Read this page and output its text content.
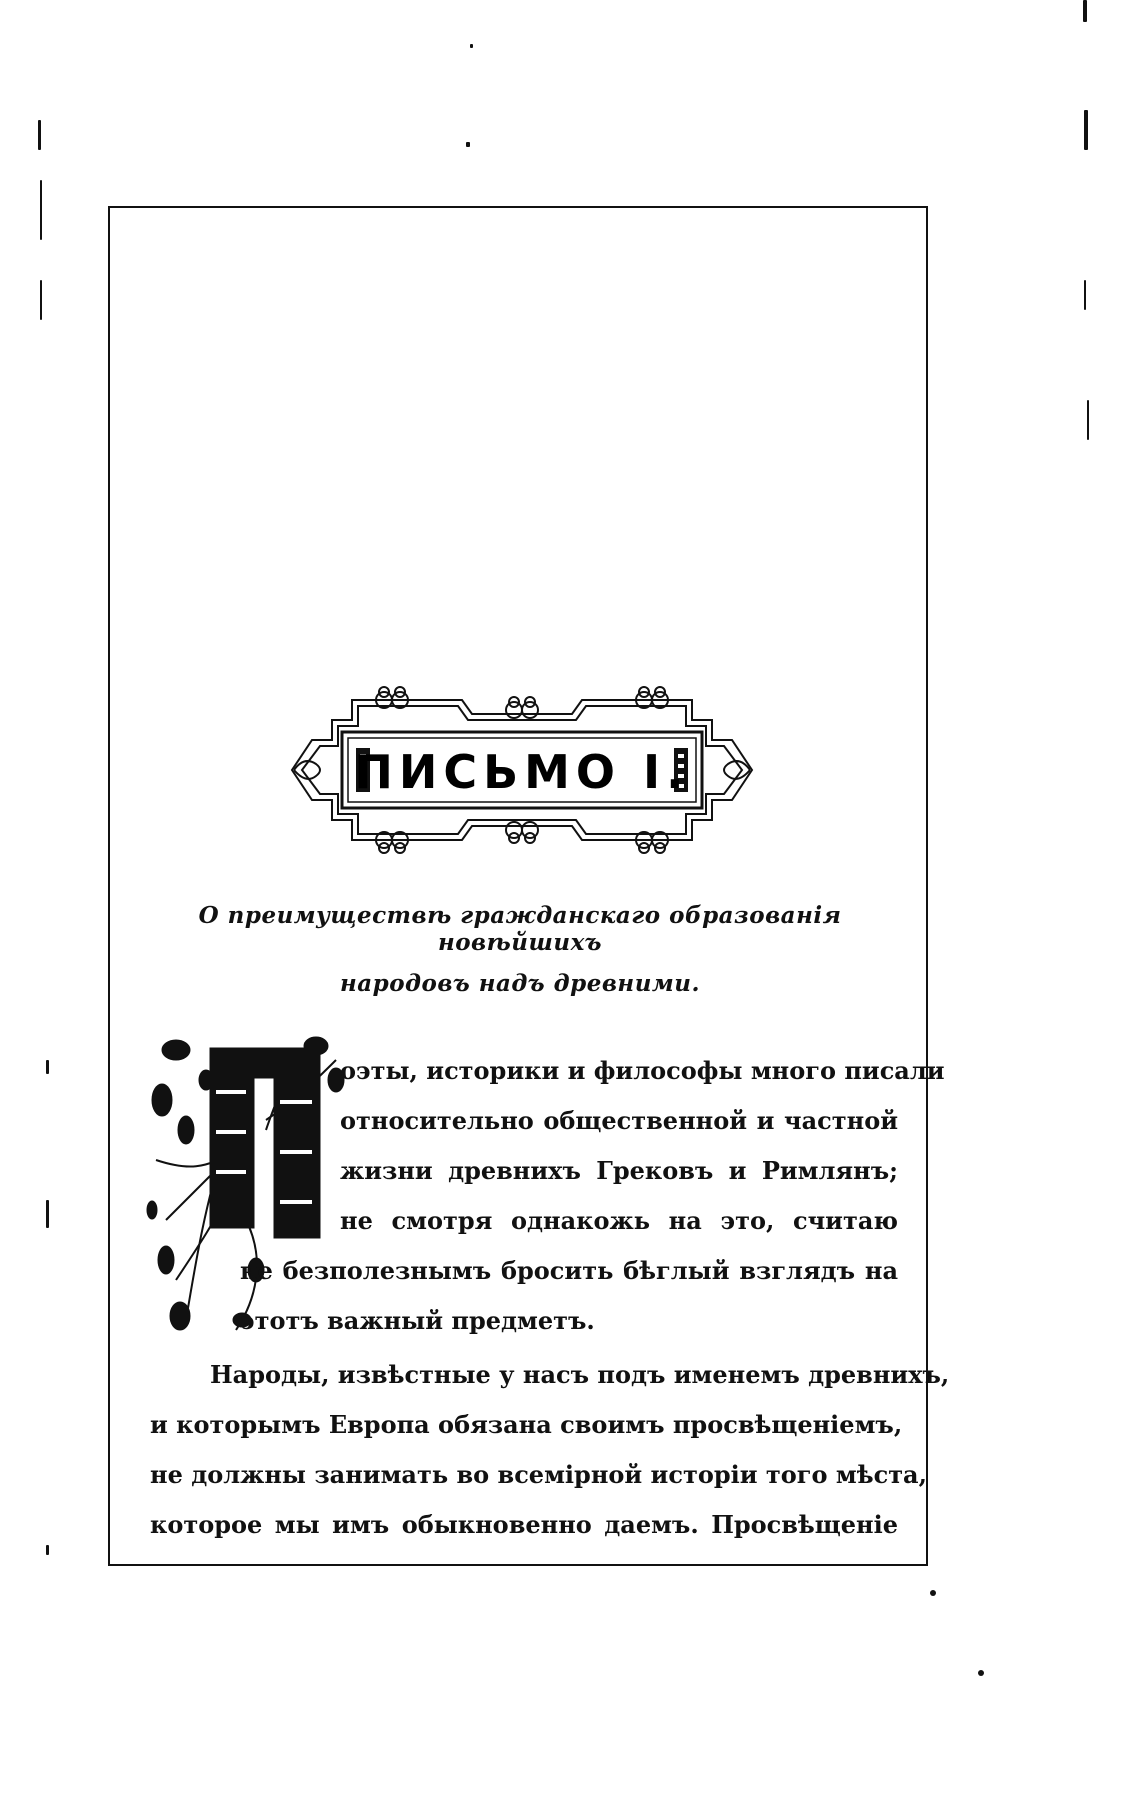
ПИСЬМО I.
О преимуществѣ гражданскаго образованія новѣйшихъ
народовъ надъ древними.
оэты, историки и философы много писали
относительно общественной и частной
жизни древнихъ Грековъ и Римлянъ;
не смотря однакожь на это, считаю
не безполезнымъ бросить бѣглый взглядъ на
этотъ важный предметъ.
Народы, извѣстные у насъ подъ именемъ древнихъ,
и которымъ Европа обязана своимъ просвѣщеніемъ,
не должны занимать во всемірной исторіи того мѣста,
которое мы имъ обыкновенно даемъ. Просвѣщеніе
